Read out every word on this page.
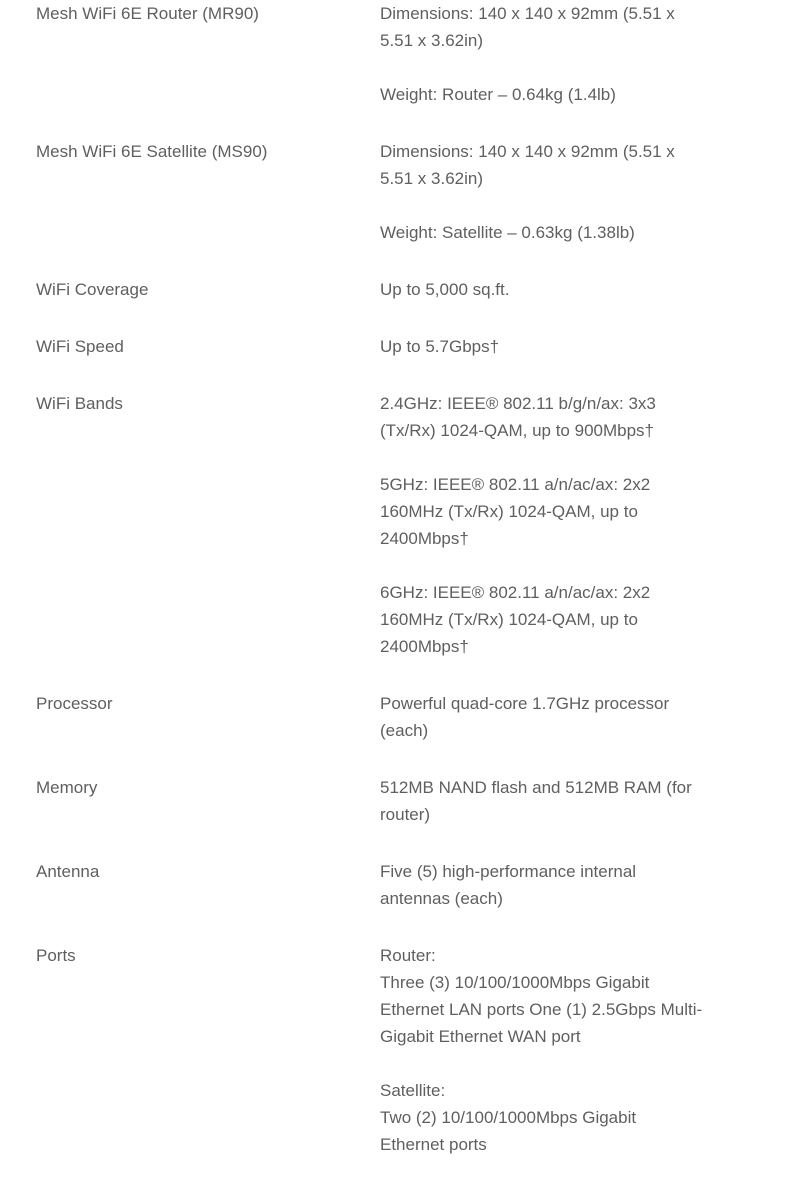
Mesh WiFi 6E Router (MR90)	Dimensions: 140 x 140 x 92mm (5.51 x
5.51 x 3.62in)

Weight: Router – 0.64kg (1.4lb)

Mesh WiFi 6E Satellite (MS90)	Dimensions: 140 x 140 x 92mm (5.51 x
5.51 x 3.62in)

Weight: Satellite – 0.63kg (1.38lb)

WiFi Coverage	Up to 5,000 sq.ft.

WiFi Speed	Up to 5.7Gbps†

WiFi Bands	2.4GHz: IEEE® 802.11 b/g/n/ax: 3x3
(Tx/Rx) 1024-QAM, up to 900Mbps†

5GHz: IEEE® 802.11 a/n/ac/ax: 2x2
160MHz (Tx/Rx) 1024-QAM, up to
2400Mbps†

6GHz: IEEE® 802.11 a/n/ac/ax: 2x2
160MHz (Tx/Rx) 1024-QAM, up to
2400Mbps†

Processor	Powerful quad-core 1.7GHz processor
(each)

Memory	512MB NAND flash and 512MB RAM (for
router)

Antenna	Five (5) high-performance internal
antennas (each)

Ports	Router:
Three (3) 10/100/1000Mbps Gigabit
Ethernet LAN ports One (1) 2.5Gbps Multi-
Gigabit Ethernet WAN port

Satellite:
Two (2) 10/100/1000Mbps Gigabit
Ethernet ports
